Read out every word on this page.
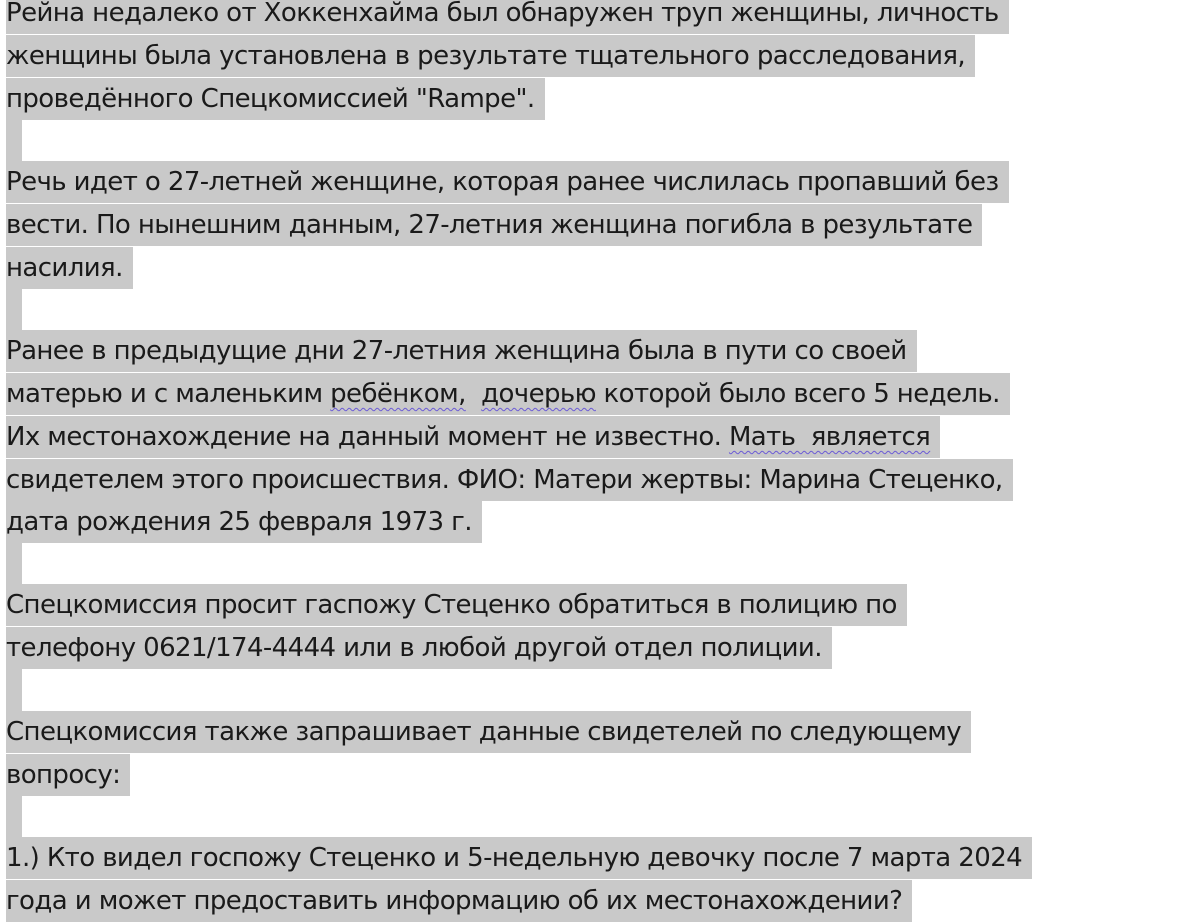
Рейна недалеко от Хоккенхайма был обнаружен труп женщины, личность
женщины была установлена в результате тщательного расследования,
проведённого Спецкомиссией "Rampe".
Речь идет о 27-летней женщине, которая ранее числилась пропавший без
вести. По нынешним данным, 27-летния женщина погибла в результате
насилия.
Ранее в предыдущие дни 27-летния женщина была в пути со своей
матерью и с маленьким ребёнком, дочерью которой было всего 5 недель.
Их местонахождение на данный момент не известно. Мать  является
свидетелем этого происшествия. ФИО: Матери жертвы: Марина Стеценко,
дата рождения 25 февраля 1973 г.
Спецкомиссия просит гаспожу Стеценко обратиться в полицию по
телефону 0621/174-4444 или в любой другой отдел полиции.
Спецкомиссия также запрашивает данные свидетелей по следующему
вопросу:
1.) Кто видел госпожу Стеценко и 5-недельную девочку после 7 марта 2024
года и может предоставить информацию об их местонахождении?
